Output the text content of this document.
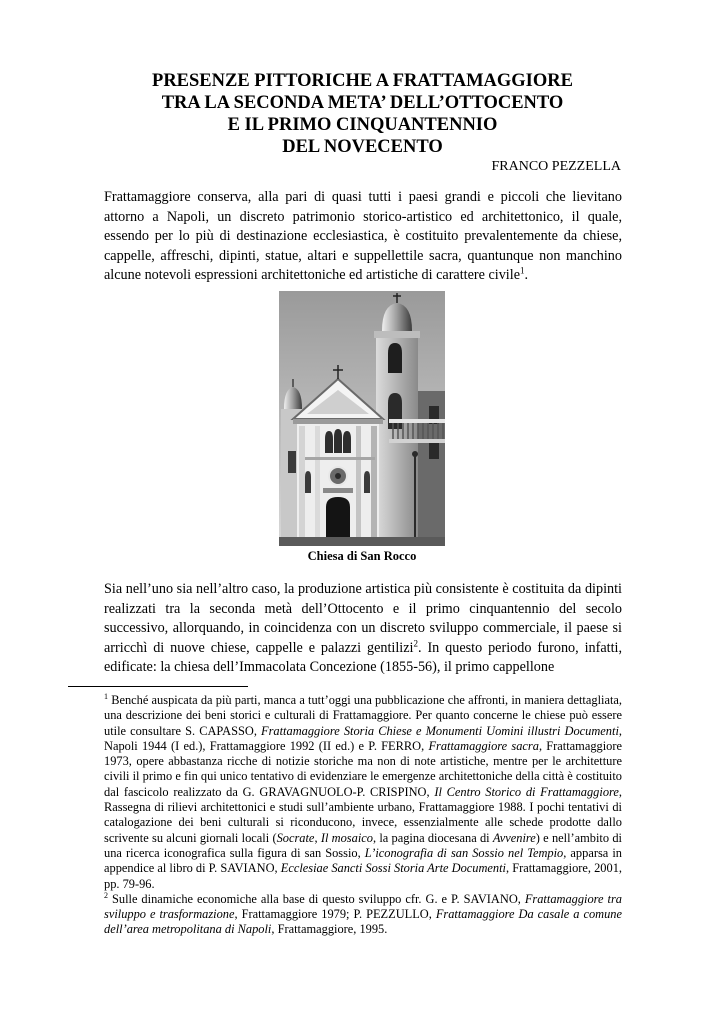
PRESENZE PITTORICHE A FRATTAMAGGIORE
TRA LA SECONDA META’ DELL’OTTOCENTO
E IL PRIMO CINQUANTENNIO
DEL NOVECENTO
FRANCO PEZZELLA

Frattamaggiore conserva, alla pari di quasi tutti i paesi grandi e piccoli che lievitano attorno a Napoli, un discreto patrimonio storico-artistico ed architettonico, il quale, essendo per lo più di destinazione ecclesiastica, è costituito prevalentemente da chiese, cappelle, affreschi, dipinti, statue, altari e suppellettile sacra, quantunque non manchino alcune notevoli espressioni architettoniche ed artistiche di carattere civile$^1$.

Chiesa di San Rocco

Sia nell’uno sia nell’altro caso, la produzione artistica più consistente è costituita da dipinti realizzati tra la seconda metà dell’Ottocento e il primo cinquantennio del secolo successivo, allorquando, in coincidenza con un discreto sviluppo commerciale, il paese si arricchì di nuove chiese, cappelle e palazzi gentilizi$^2$. In questo periodo furono, infatti, edificate: la chiesa dell’Immacolata Concezione (1855-56), il primo cappellone

$^1$ Benché auspicata da più parti, manca a tutt’oggi una pubblicazione che affronti, in maniera dettagliata, una descrizione dei beni storici e culturali di Frattamaggiore. Per quanto concerne le chiese può essere utile consultare S. CAPASSO, Frattamaggiore Storia Chiese e Monumenti Uomini illustri Documenti, Napoli 1944 (I ed.), Frattamaggiore 1992 (II ed.) e P. FERRO, Frattamaggiore sacra, Frattamaggiore 1973, opere abbastanza ricche di notizie storiche ma non di note artistiche, mentre per le architetture civili il primo e fin qui unico tentativo di evidenziare le emergenze architettoniche della città è costituito dal fascicolo realizzato da G. GRAVAGNUOLO-P. CRISPINO, Il Centro Storico di Frattamaggiore, Rassegna di rilievi architettonici e studi sull’ambiente urbano, Frattamaggiore 1988. I pochi tentativi di catalogazione dei beni culturali si riconducono, invece, essenzialmente alle schede prodotte dallo scrivente su alcuni giornali locali (Socrate, Il mosaico, la pagina diocesana di Avvenire) e nell’ambito di una ricerca iconografica sulla figura di san Sossio, L’iconografia di san Sossio nel Tempio, apparsa in appendice al libro di P. SAVIANO, Ecclesiae Sancti Sossi Storia Arte Documenti, Frattamaggiore, 2001, pp. 79-96.

$^2$ Sulle dinamiche economiche alla base di questo sviluppo cfr. G. e P. SAVIANO, Frattamaggiore tra sviluppo e trasformazione, Frattamaggiore 1979; P. PEZZULLO, Frattamaggiore Da casale a comune dell’area metropolitana di Napoli, Frattamaggiore, 1995.
